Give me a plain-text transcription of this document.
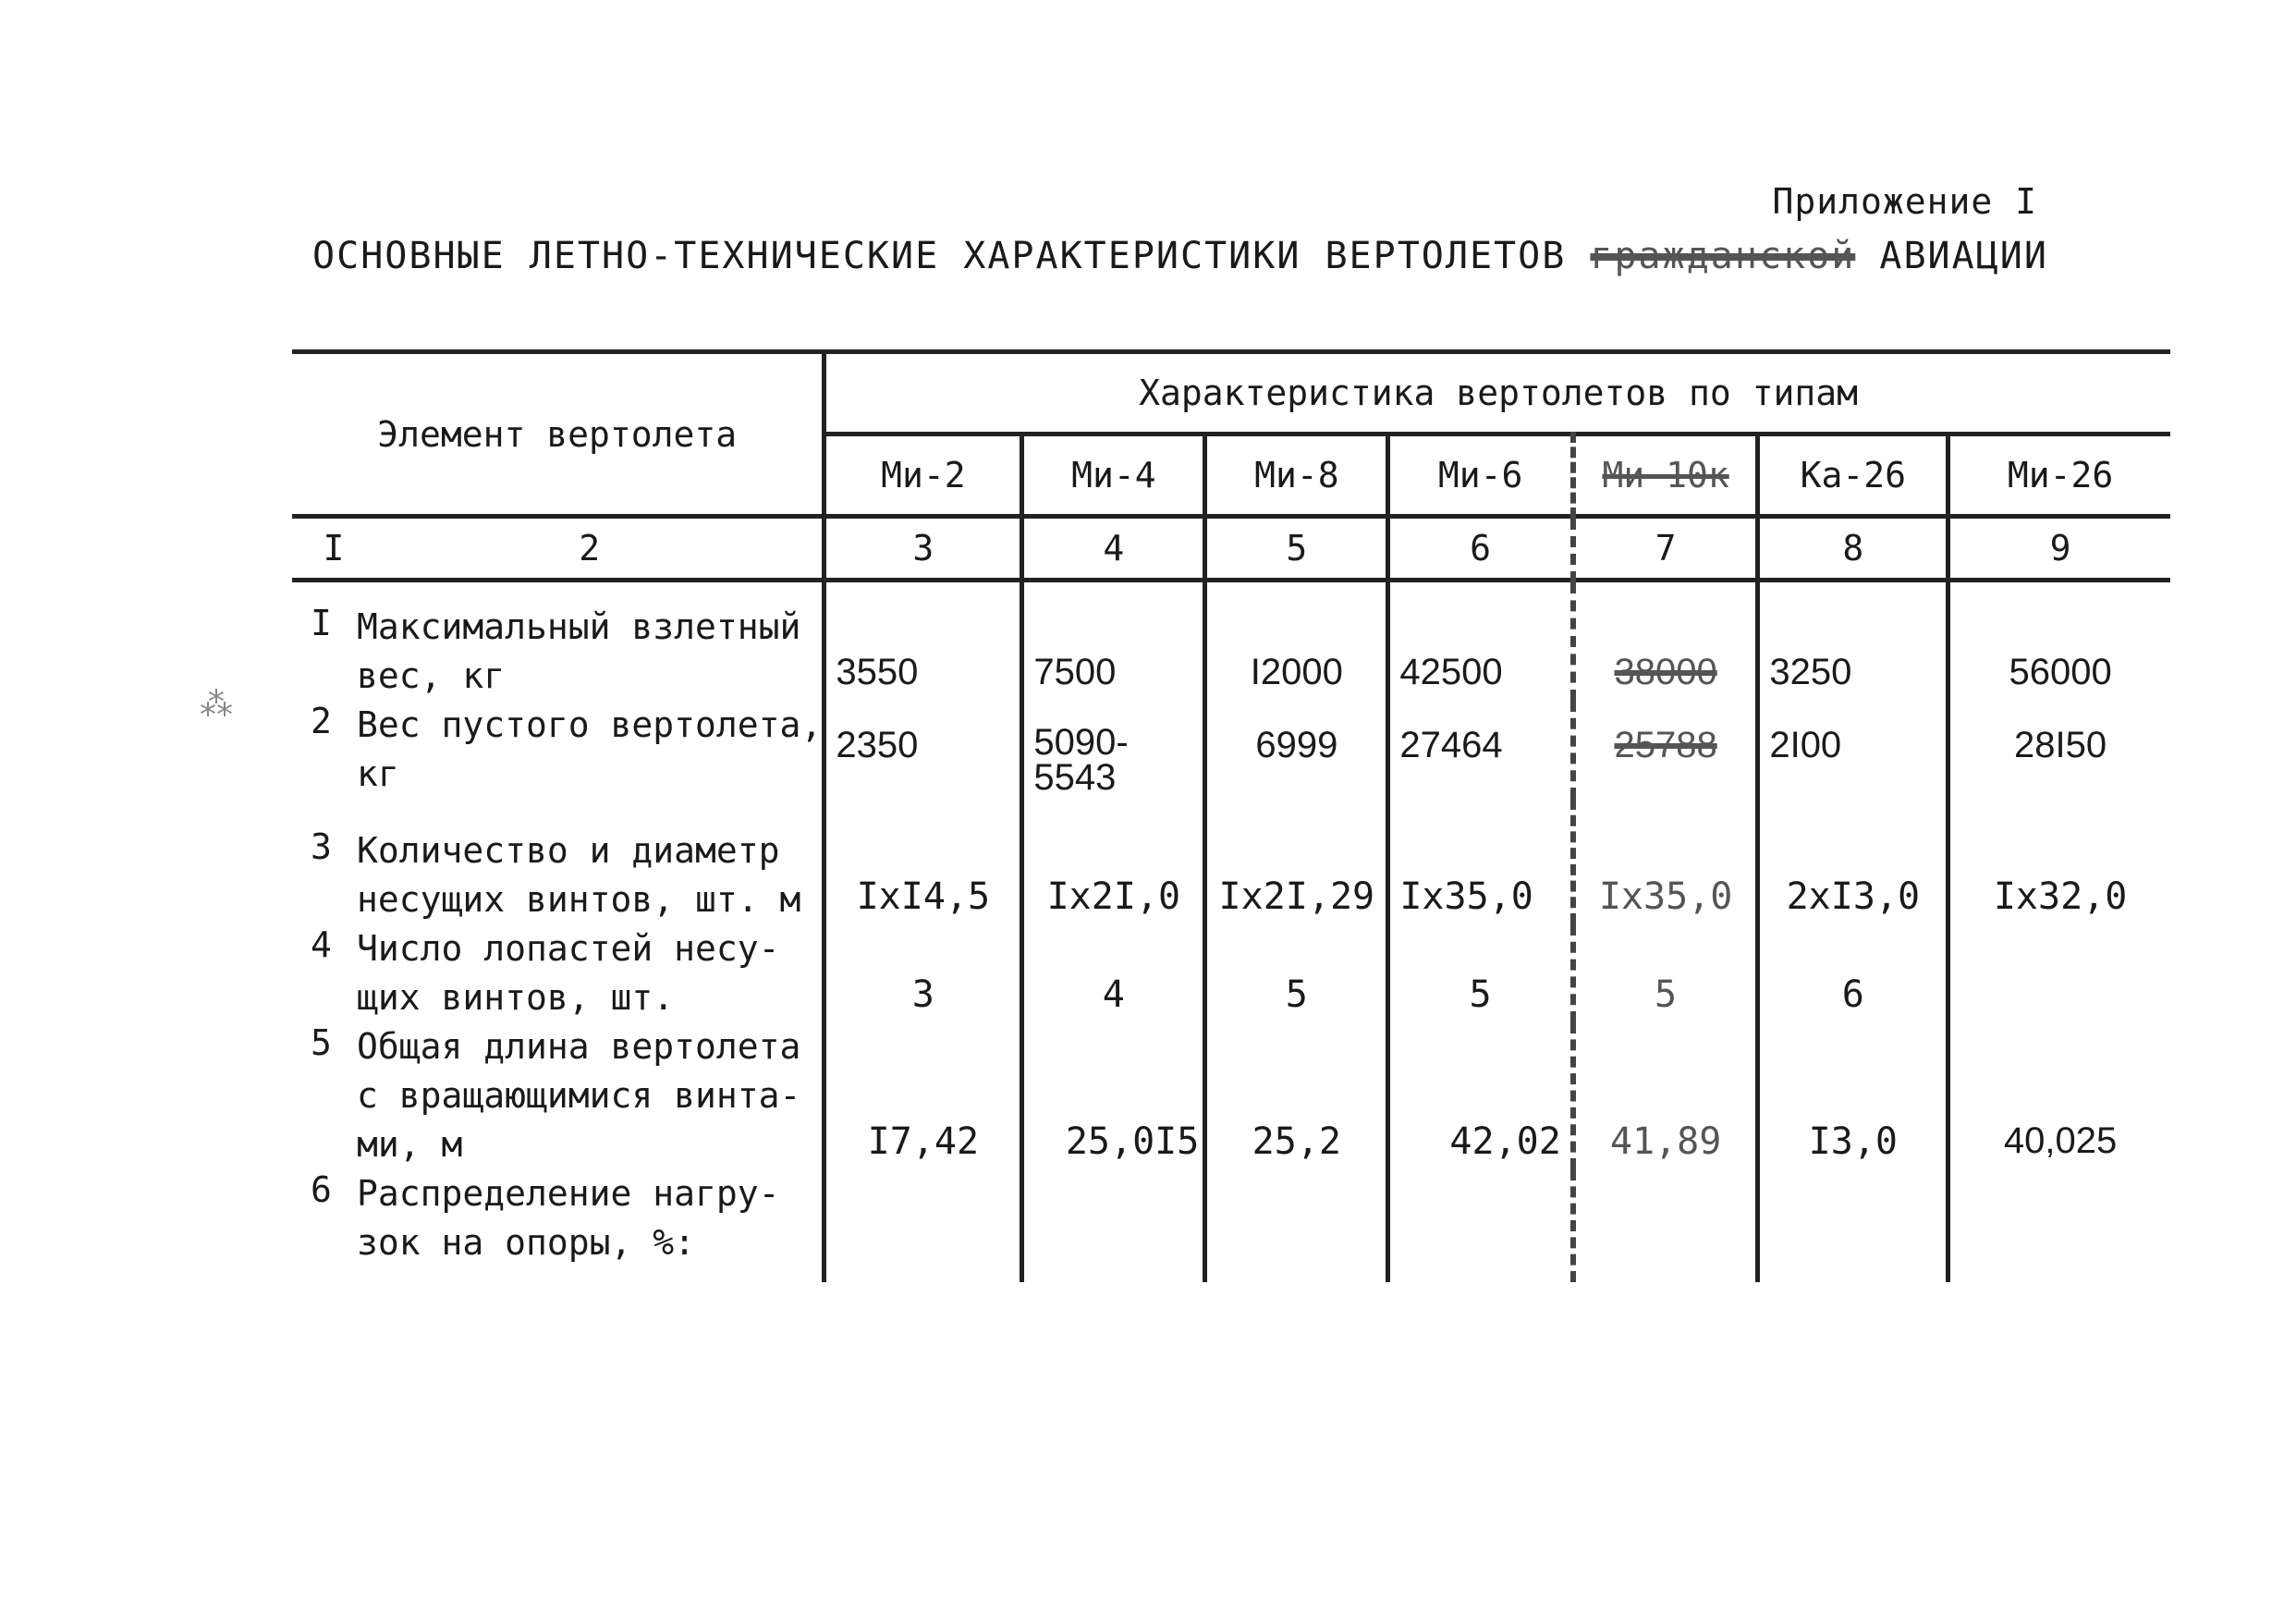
Приложение I
ОСНОВНЫЕ ЛЕТНО-ТЕХНИЧЕСКИЕ ХАРАКТЕРИСТИКИ ВЕРТОЛЕТОВ гражданской АВИАЦИИ
⁂
Элемент вертолета		Характеристика вертолетов по типам						
		Ми-2	Ми-4	Ми-8	Ми-6	Ми-10к	Ка-26	Ми-26
I	2	3	4	5	6	7	8	9
I	Максимальный взлетный
вес, кг	3550	7500	I2000	42500	38000	3250	56000
2	Вес пустого вертолета,
кг	2350	5090-5543	6999	27464	25788	2I00	28I50
3	Количество и диаметр
несущих винтов, шт. м	IxI4,5	Ix2I,0	Ix2I,29	Ix35,0	Ix35,0	2xI3,0	Ix32,0
4	Число лопастей несу-
щих винтов, шт.	3	4	5	5	5	6	
5	Общая длина вертолета
с вращающимися винта-
ми, м	I7,42	25,0I5	25,2	42,02	41,89	I3,0	40,025
6	Распределение нагру-
зок на опоры, %:							
